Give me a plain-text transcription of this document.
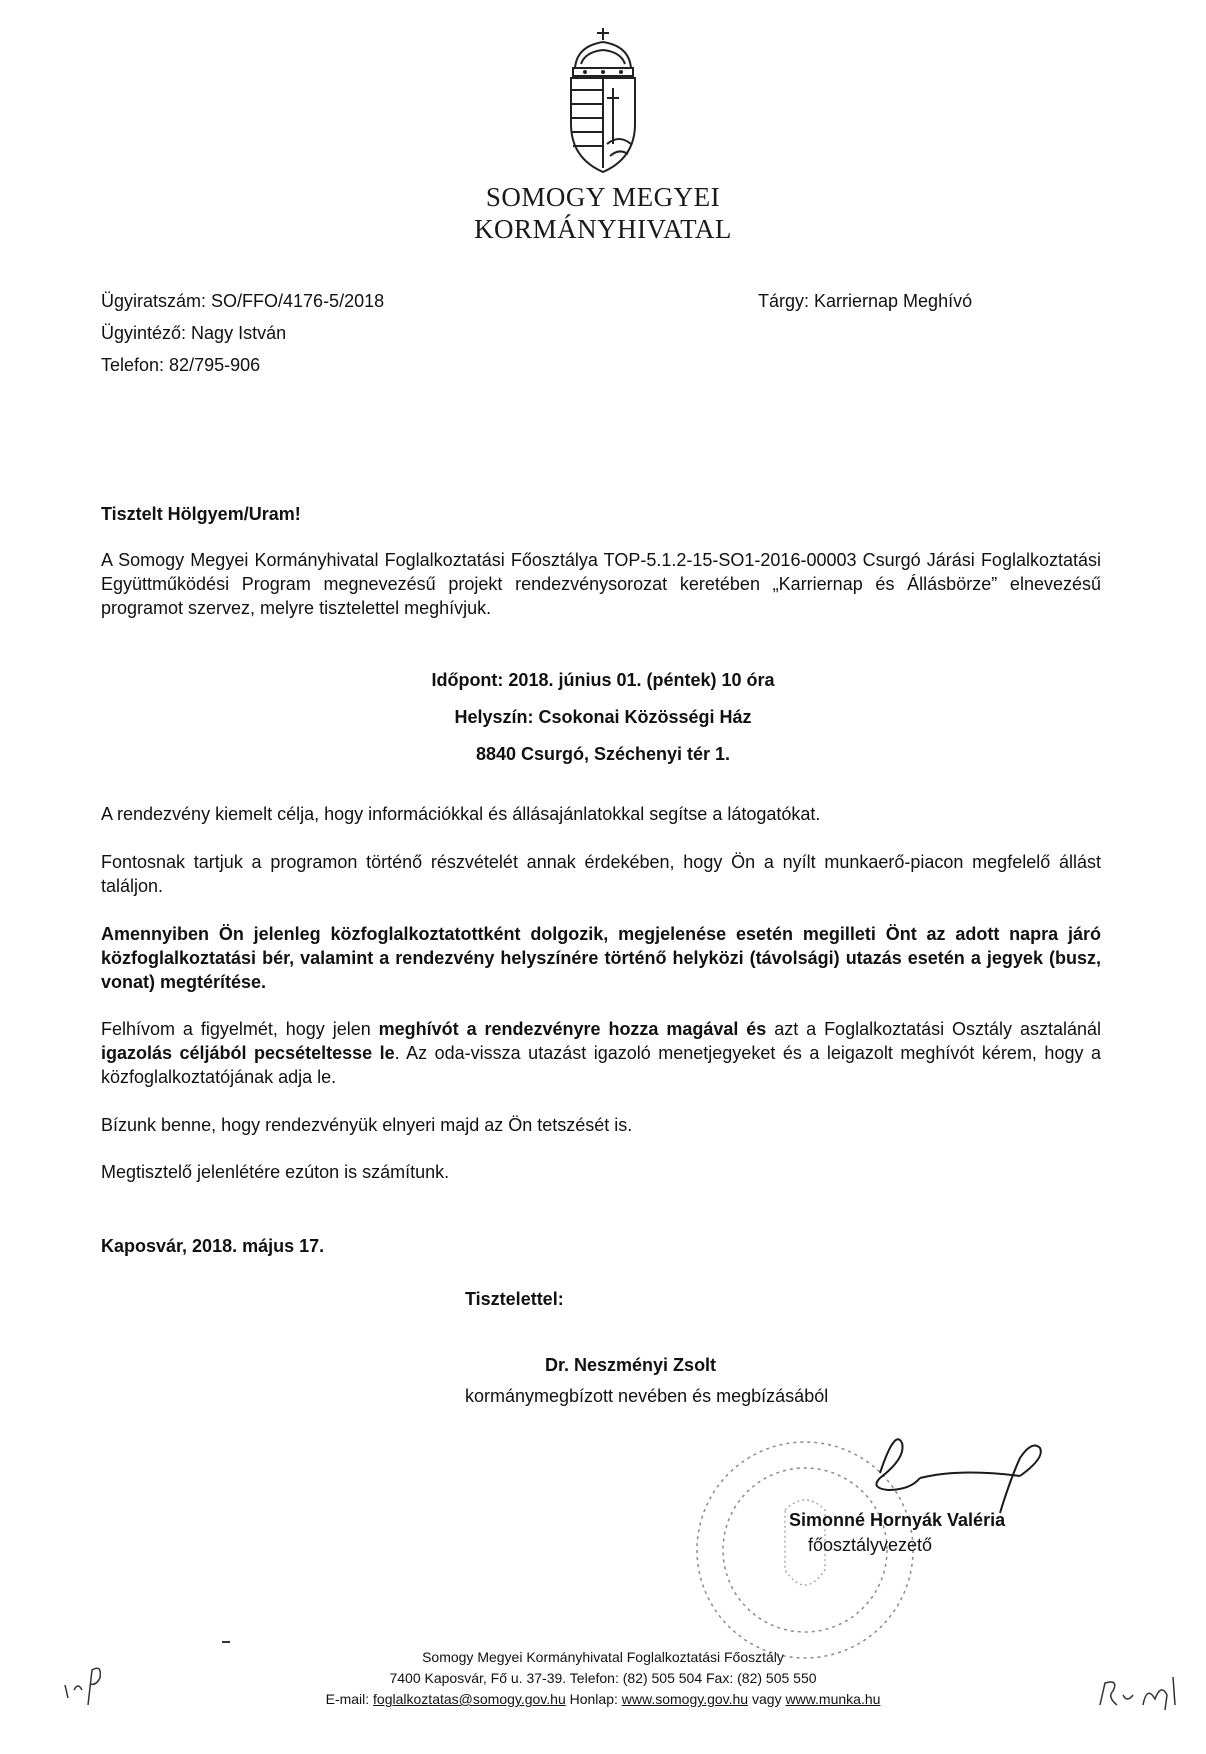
SOMOGY MEGYEI
KORMÁNYHIVATAL
Ügyiratszám: SO/FFO/4176-5/2018
Ügyintéző: Nagy István
Telefon: 82/795-906
Tárgy: Karriernap Meghívó
Tisztelt Hölgyem/Uram!
A Somogy Megyei Kormányhivatal Foglalkoztatási Főosztálya TOP-5.1.2-15-SO1-2016-00003 Csurgó Járási Foglalkoztatási Együttműködési Program megnevezésű projekt rendezvénysorozat keretében „Karriernap és Állásbörze” elnevezésű programot szervez, melyre tisztelettel meghívjuk.
Időpont: 2018. június 01. (péntek) 10 óra
Helyszín: Csokonai Közösségi Ház
8840 Csurgó, Széchenyi tér 1.
A rendezvény kiemelt célja, hogy információkkal és állásajánlatokkal segítse a látogatókat.
Fontosnak tartjuk a programon történő részvételét annak érdekében, hogy Ön a nyílt munkaerő-piacon megfelelő állást találjon.
Amennyiben Ön jelenleg közfoglalkoztatottként dolgozik, megjelenése esetén megilleti Önt az adott napra járó közfoglalkoztatási bér, valamint a rendezvény helyszínére történő helyközi (távolsági) utazás esetén a jegyek (busz, vonat) megtérítése.
Felhívom a figyelmét, hogy jelen meghívót a rendezvényre hozza magával és azt a Foglalkoztatási Osztály asztalánál igazolás céljából pecsételtesse le. Az oda-vissza utazást igazoló menetjegyeket és a leigazolt meghívót kérem, hogy a közfoglalkoztatójának adja le.
Bízunk benne, hogy rendezvényük elnyeri majd az Ön tetszését is.
Megtisztelő jelenlétére ezúton is számítunk.
Kaposvár, 2018. május 17.
Tisztelettel:
Dr. Neszményi Zsolt
kormánymegbízott nevében és megbízásából
Simonné Hornyák Valéria
főosztályvezető
Somogy Megyei Kormányhivatal Foglalkoztatási Főosztály
7400 Kaposvár, Fő u. 37-39. Telefon: (82) 505 504 Fax: (82) 505 550
E-mail: foglalkoztatas@somogy.gov.hu Honlap: www.somogy.gov.hu vagy www.munka.hu
